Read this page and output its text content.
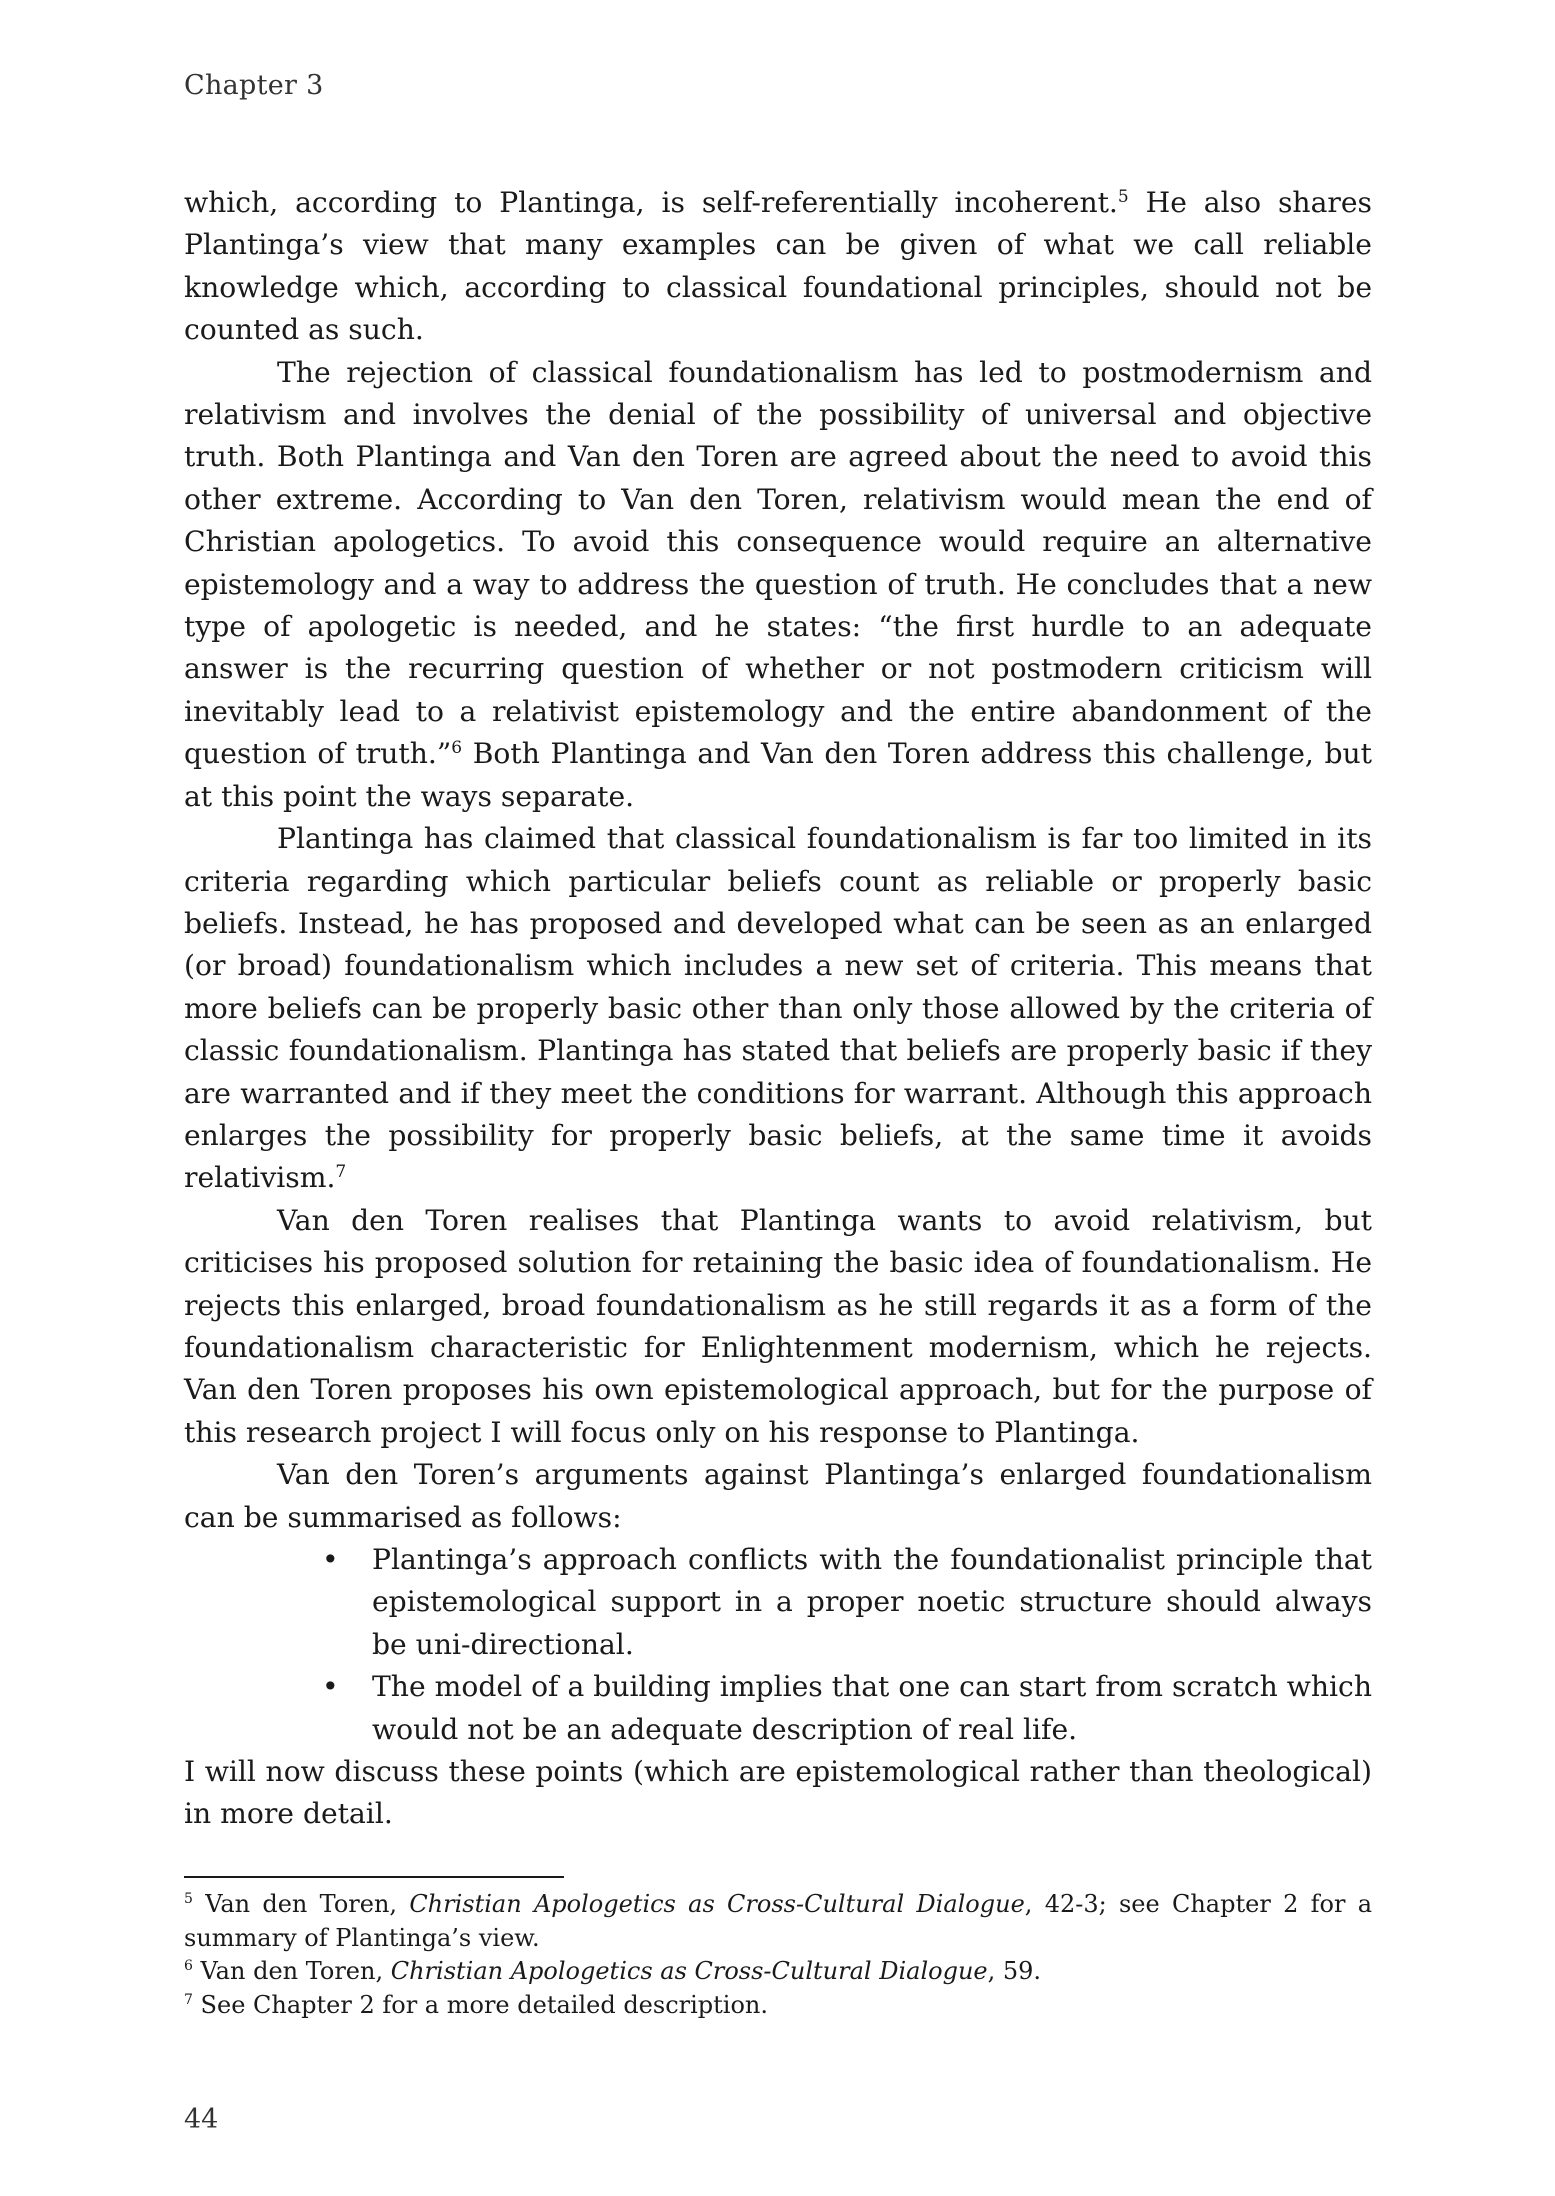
Chapter 3

which, according to Plantinga, is self-referentially incoherent.$^5$ He also shares Plantinga’s view that many examples can be given of what we call reliable knowledge which, according to classical foundational principles, should not be counted as such.

The rejection of classical foundationalism has led to postmodernism and relativism and involves the denial of the possibility of universal and objective truth. Both Plantinga and Van den Toren are agreed about the need to avoid this other extreme. According to Van den Toren, relativism would mean the end of Christian apologetics. To avoid this consequence would require an alternative epistemology and a way to address the question of truth. He concludes that a new type of apologetic is needed, and he states: “the first hurdle to an adequate answer is the recurring question of whether or not postmodern criticism will inevitably lead to a relativist epistemology and the entire abandonment of the question of truth.”$^6$ Both Plantinga and Van den Toren address this challenge, but at this point the ways separate.

Plantinga has claimed that classical foundationalism is far too limited in its criteria regarding which particular beliefs count as reliable or properly basic beliefs. Instead, he has proposed and developed what can be seen as an enlarged (or broad) foundationalism which includes a new set of criteria. This means that more beliefs can be properly basic other than only those allowed by the criteria of classic foundationalism. Plantinga has stated that beliefs are properly basic if they are warranted and if they meet the conditions for warrant. Although this approach enlarges the possibility for properly basic beliefs, at the same time it avoids relativism.$^7$

Van den Toren realises that Plantinga wants to avoid relativism, but criticises his proposed solution for retaining the basic idea of foundationalism. He rejects this enlarged, broad foundationalism as he still regards it as a form of the foundationalism characteristic for Enlightenment modernism, which he rejects. Van den Toren proposes his own epistemological approach, but for the purpose of this research project I will focus only on his response to Plantinga.

Van den Toren’s arguments against Plantinga’s enlarged foundationalism can be summarised as follows:

• Plantinga’s approach conflicts with the foundationalist principle that epistemological support in a proper noetic structure should always be uni-directional.
• The model of a building implies that one can start from scratch which would not be an adequate description of real life.

I will now discuss these points (which are epistemological rather than theological) in more detail.

$^5$ Van den Toren, Christian Apologetics as Cross-Cultural Dialogue, 42-3; see Chapter 2 for a summary of Plantinga’s view.

$^6$ Van den Toren, Christian Apologetics as Cross-Cultural Dialogue, 59.

$^7$ See Chapter 2 for a more detailed description.

44
